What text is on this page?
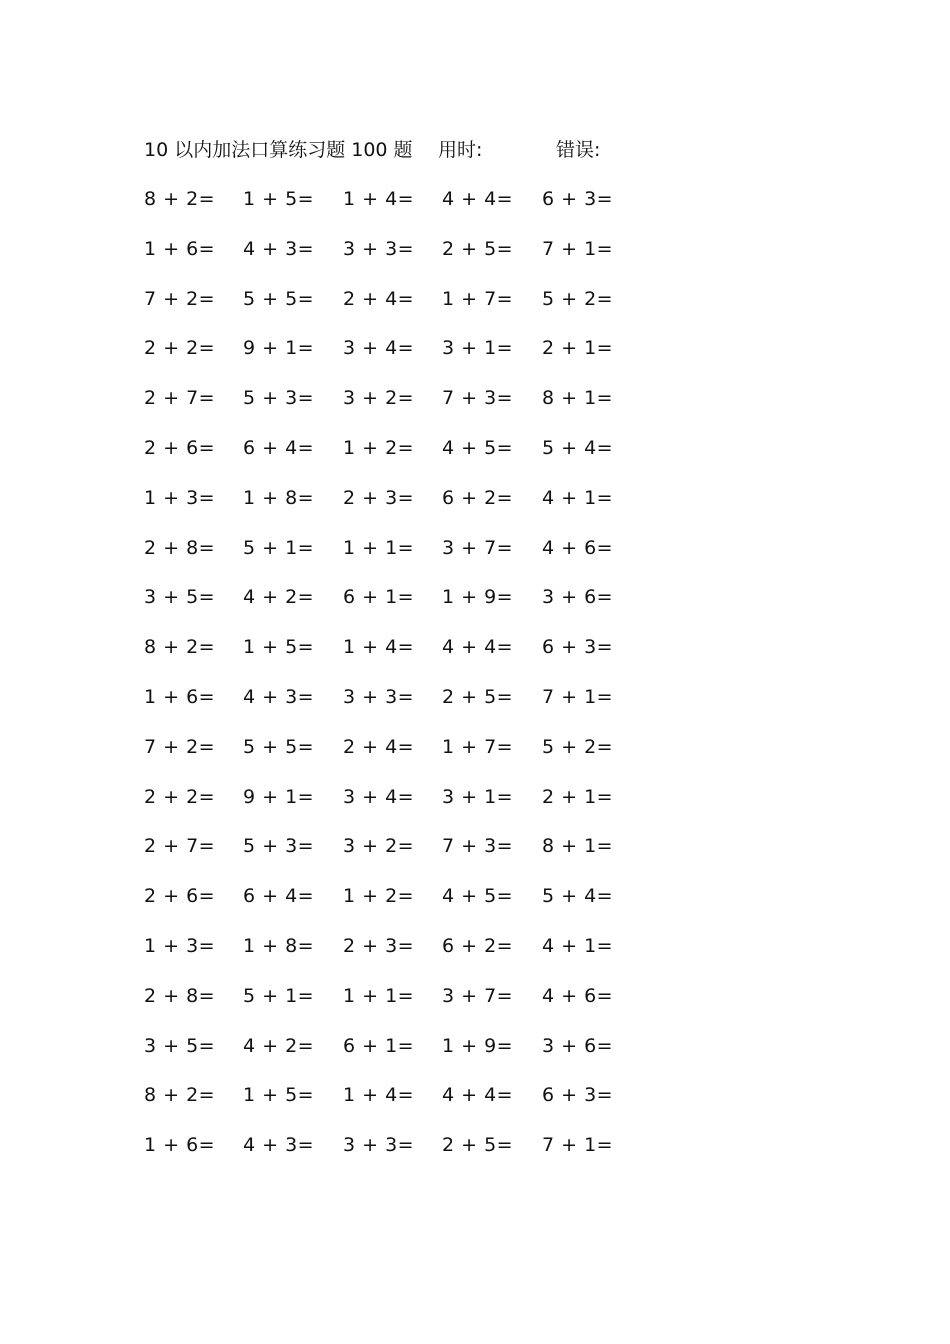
10 以内加法口算练习题 100 题 用时:	错误:
8 + 2= 1 + 5= 1 + 4= 4 + 4= 6 + 3=
1 + 6= 4 + 3= 3 + 3= 2 + 5= 7 + 1=
7 + 2= 5 + 5= 2 + 4= 1 + 7= 5 + 2=
2 + 2= 9 + 1= 3 + 4= 3 + 1= 2 + 1=
2 + 7= 5 + 3= 3 + 2= 7 + 3= 8 + 1=
2 + 6= 6 + 4= 1 + 2= 4 + 5= 5 + 4=
1 + 3= 1 + 8= 2 + 3= 6 + 2= 4 + 1=
2 + 8= 5 + 1= 1 + 1= 3 + 7= 4 + 6=
3 + 5= 4 + 2= 6 + 1= 1 + 9= 3 + 6=
8 + 2= 1 + 5= 1 + 4= 4 + 4= 6 + 3=
1 + 6= 4 + 3= 3 + 3= 2 + 5= 7 + 1=
7 + 2= 5 + 5= 2 + 4= 1 + 7= 5 + 2=
2 + 2= 9 + 1= 3 + 4= 3 + 1= 2 + 1=
2 + 7= 5 + 3= 3 + 2= 7 + 3= 8 + 1=
2 + 6= 6 + 4= 1 + 2= 4 + 5= 5 + 4=
1 + 3= 1 + 8= 2 + 3= 6 + 2= 4 + 1=
2 + 8= 5 + 1= 1 + 1= 3 + 7= 4 + 6=
3 + 5= 4 + 2= 6 + 1= 1 + 9= 3 + 6=
8 + 2= 1 + 5= 1 + 4= 4 + 4= 6 + 3=
1 + 6= 4 + 3= 3 + 3= 2 + 5= 7 + 1=
